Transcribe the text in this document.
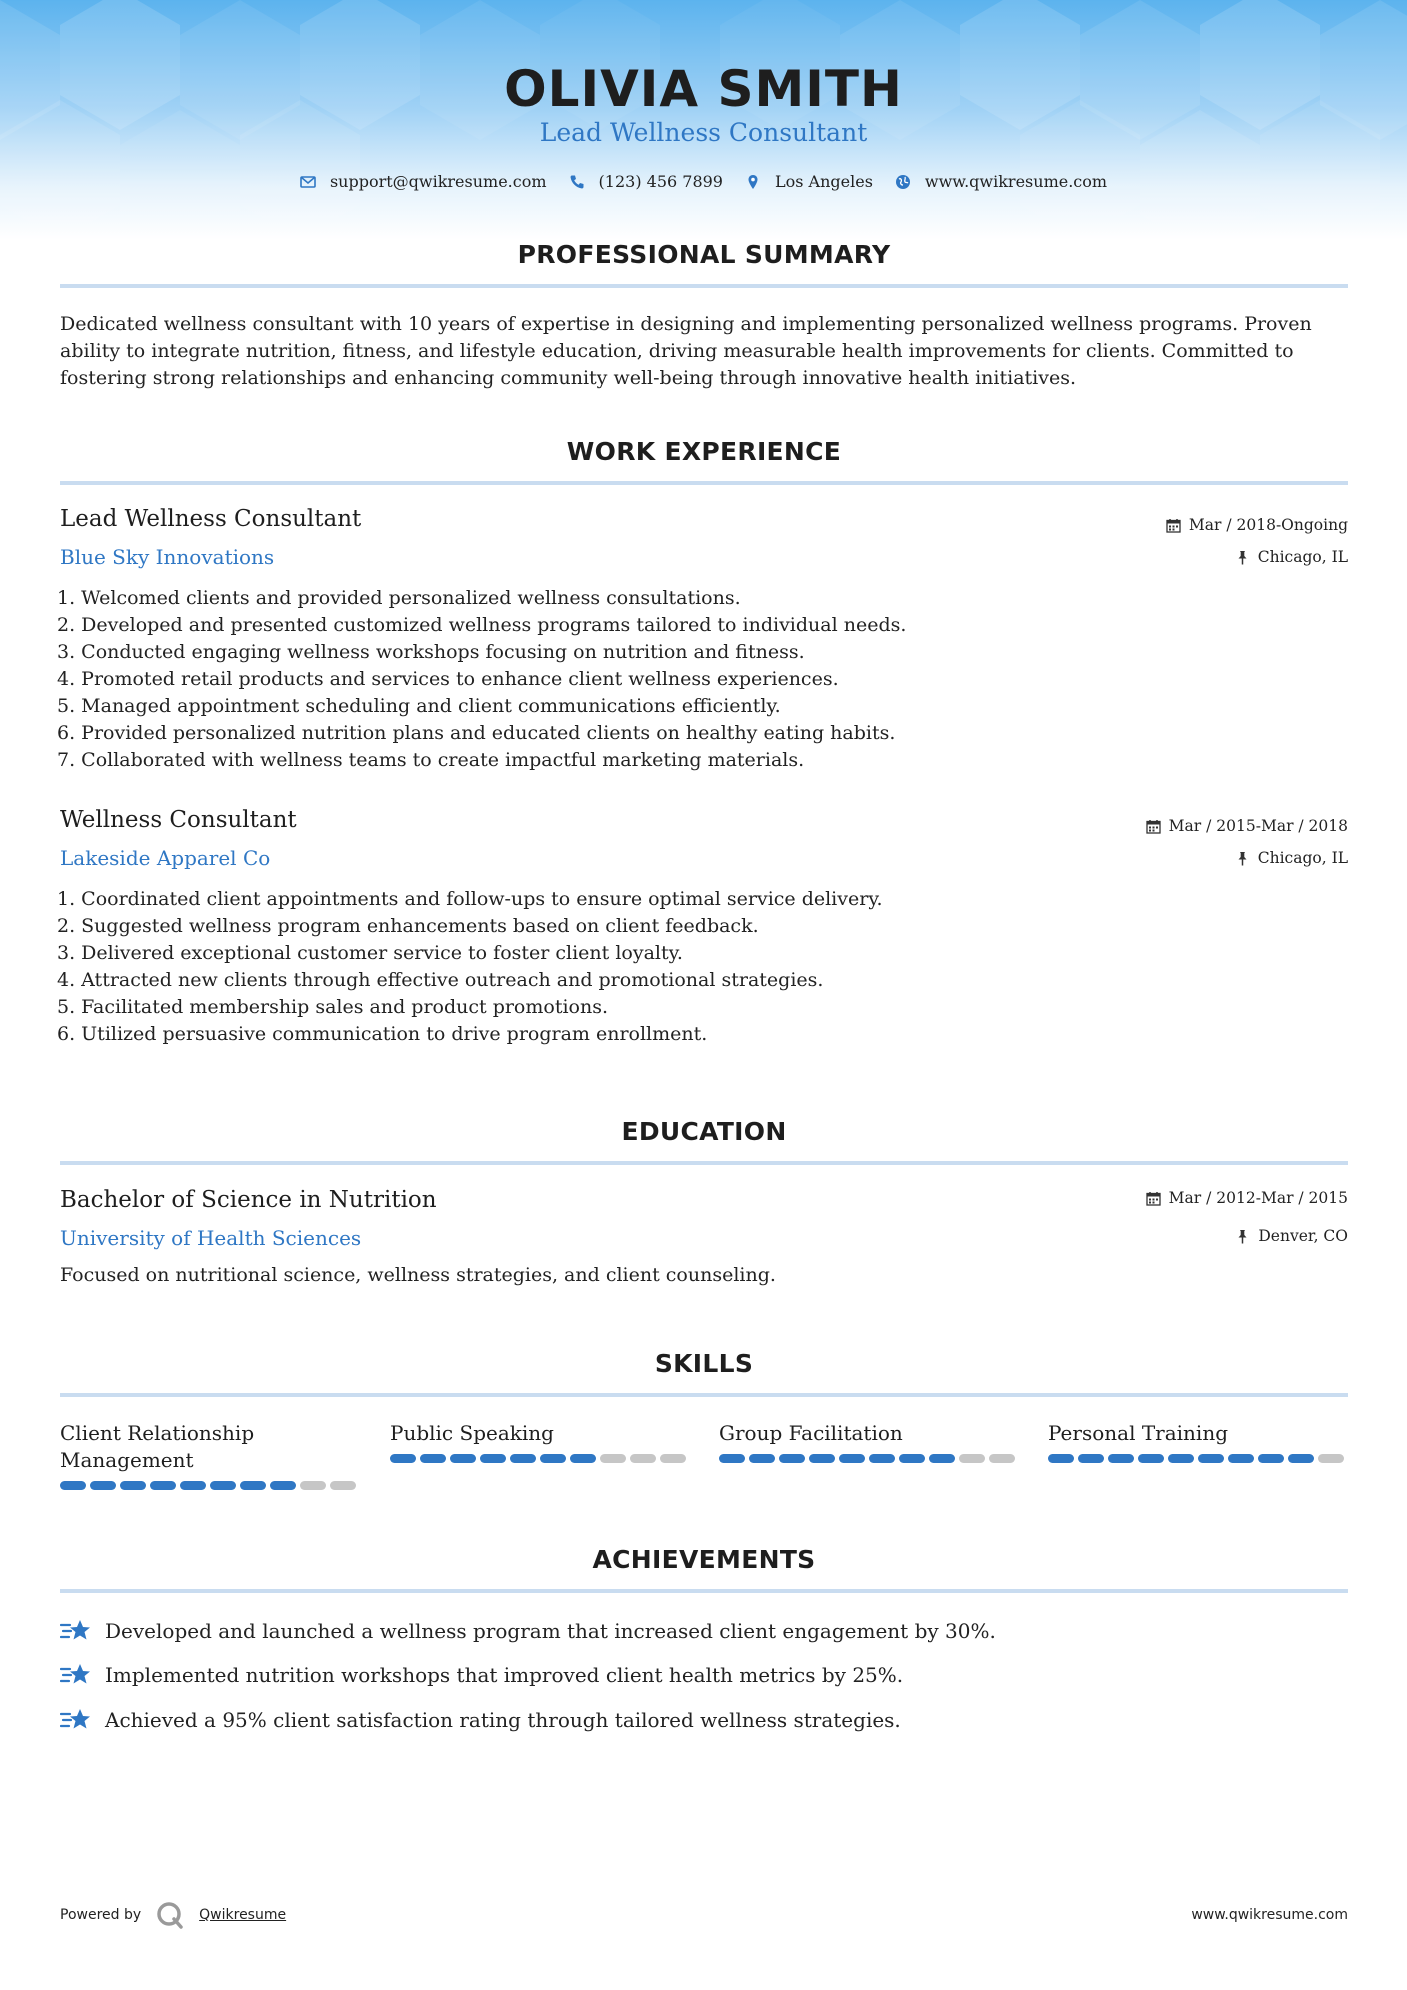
OLIVIA SMITH
Lead Wellness Consultant
support@qwikresume.com	(123) 456 7899	Los Angeles	www.qwikresume.com
PROFESSIONAL SUMMARY
Dedicated wellness consultant with 10 years of expertise in designing and implementing personalized wellness programs. Proven ability to integrate nutrition, fitness, and lifestyle education, driving measurable health improvements for clients. Committed to fostering strong relationships and enhancing community well-being through innovative health initiatives.
WORK EXPERIENCE
Lead Wellness Consultant
Blue Sky Innovations
Mar / 2018-Ongoing
Chicago, IL
1. Welcomed clients and provided personalized wellness consultations.
2. Developed and presented customized wellness programs tailored to individual needs.
3. Conducted engaging wellness workshops focusing on nutrition and fitness.
4. Promoted retail products and services to enhance client wellness experiences.
5. Managed appointment scheduling and client communications efficiently.
6. Provided personalized nutrition plans and educated clients on healthy eating habits.
7. Collaborated with wellness teams to create impactful marketing materials.
Wellness Consultant
Lakeside Apparel Co
Mar / 2015-Mar / 2018
Chicago, IL
1. Coordinated client appointments and follow-ups to ensure optimal service delivery.
2. Suggested wellness program enhancements based on client feedback.
3. Delivered exceptional customer service to foster client loyalty.
4. Attracted new clients through effective outreach and promotional strategies.
5. Facilitated membership sales and product promotions.
6. Utilized persuasive communication to drive program enrollment.
EDUCATION
Bachelor of Science in Nutrition
University of Health Sciences
Mar / 2012-Mar / 2015
Denver, CO
Focused on nutritional science, wellness strategies, and client counseling.
SKILLS
Client Relationship Management
Public Speaking	Group Facilitation	Personal Training
ACHIEVEMENTS
Developed and launched a wellness program that increased client engagement by 30%.
Implemented nutrition workshops that improved client health metrics by 25%.
Achieved a 95% client satisfaction rating through tailored wellness strategies.
Powered by	Qwikresume	www.qwikresume.com
